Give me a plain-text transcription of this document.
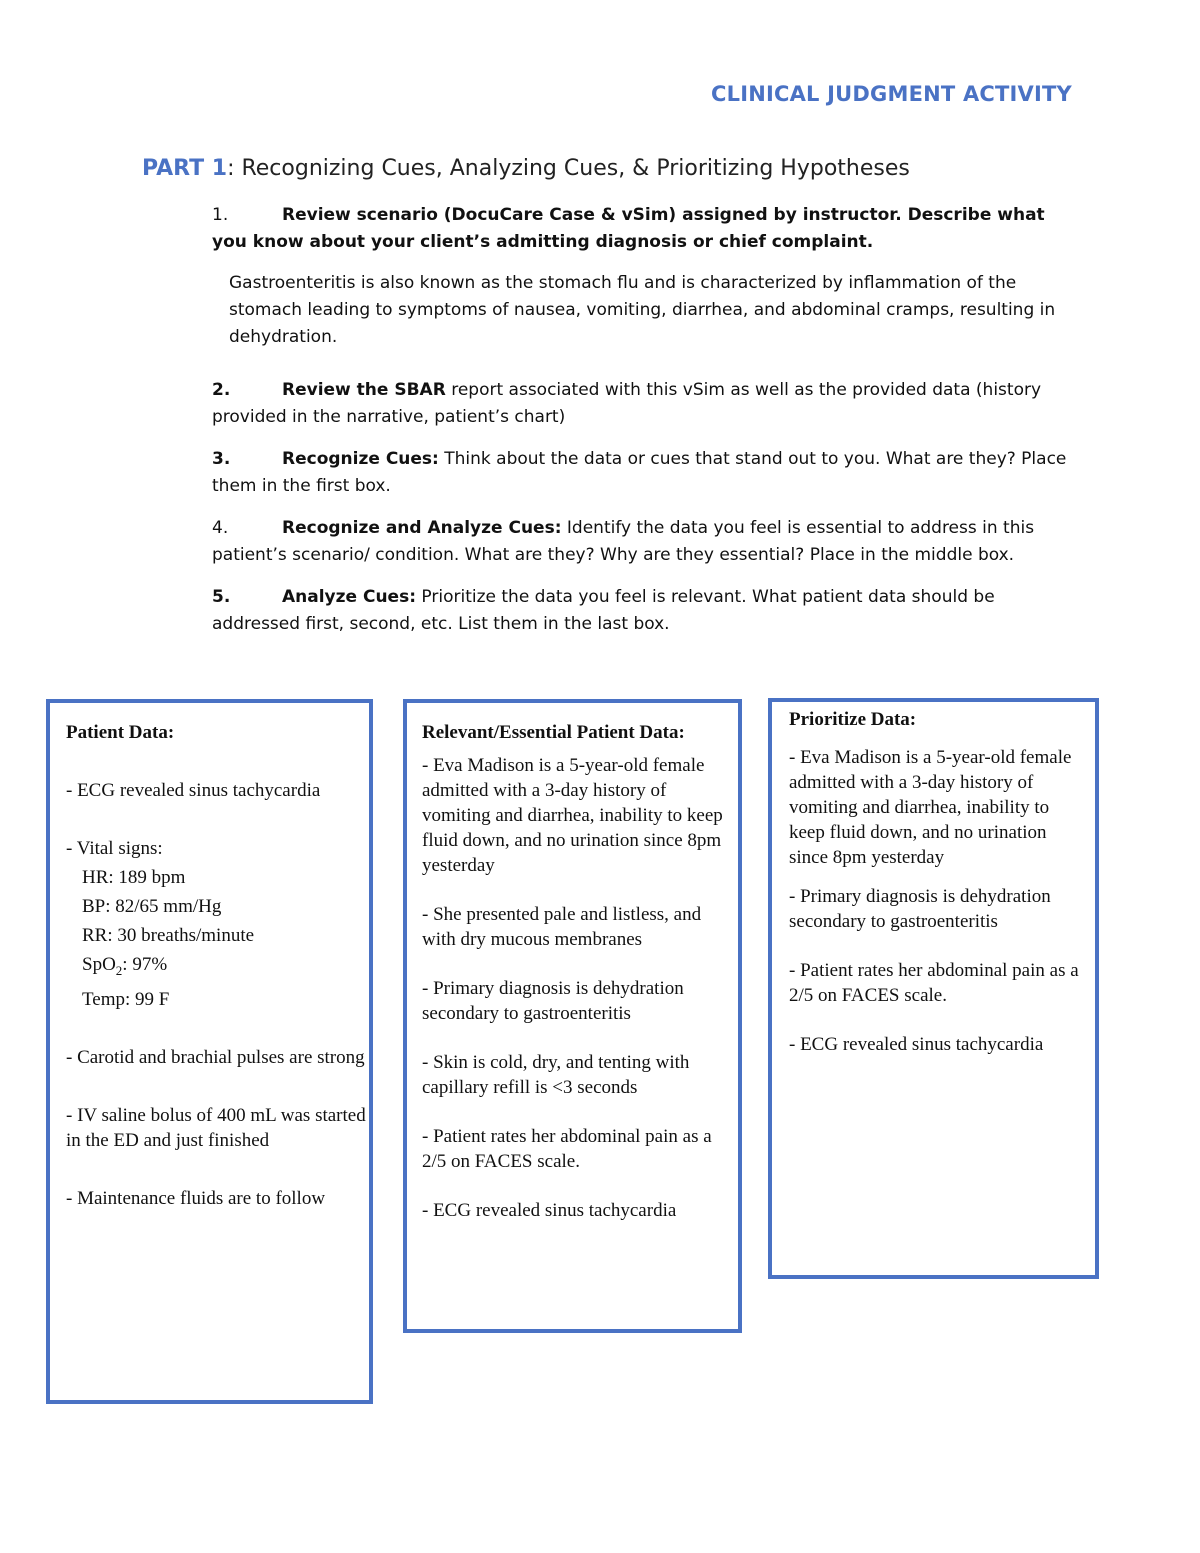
CLINICAL JUDGMENT ACTIVITY
PART 1: Recognizing Cues, Analyzing Cues, & Prioritizing Hypotheses
1.	Review scenario (DocuCare Case & vSim) assigned by instructor. Describe what you know about your client’s admitting diagnosis or chief complaint.
Gastroenteritis is also known as the stomach flu and is characterized by inflammation of the stomach leading to symptoms of nausea, vomiting, diarrhea, and abdominal cramps, resulting in dehydration.
2.	Review the SBAR report associated with this vSim as well as the provided data (history provided in the narrative, patient’s chart)
3.	Recognize Cues: Think about the data or cues that stand out to you. What are they? Place them in the first box.
4.	Recognize and Analyze Cues: Identify the data you feel is essential to address in this patient’s scenario/ condition. What are they? Why are they essential? Place in the middle box.
5.	Analyze Cues: Prioritize the data you feel is relevant. What patient data should be addressed first, second, etc. List them in the last box.

Patient Data:

- ECG revealed sinus tachycardia

- Vital signs:

HR: 189 bpm

BP: 82/65 mm/Hg

RR: 30 breaths/minute

SpO$_2$: 97%

Temp: 99 F

- Carotid and brachial pulses are strong

- IV saline bolus of 400 mL was started in the ED and just finished

- Maintenance fluids are to follow

Relevant/Essential Patient Data:

- Eva Madison is a 5-year-old female admitted with a 3-day history of vomiting and diarrhea, inability to keep fluid down, and no urination since 8pm yesterday

- She presented pale and listless, and with dry mucous membranes

- Primary diagnosis is dehydration secondary to gastroenteritis

- Skin is cold, dry, and tenting with capillary refill is <3 seconds

- Patient rates her abdominal pain as a 2/5 on FACES scale.

- ECG revealed sinus tachycardia

Prioritize Data:

- Eva Madison is a 5-year-old female admitted with a 3-day history of vomiting and diarrhea, inability to keep fluid down, and no urination since 8pm yesterday

- Primary diagnosis is dehydration secondary to gastroenteritis

- Patient rates her abdominal pain as a 2/5 on FACES scale.

- ECG revealed sinus tachycardia
